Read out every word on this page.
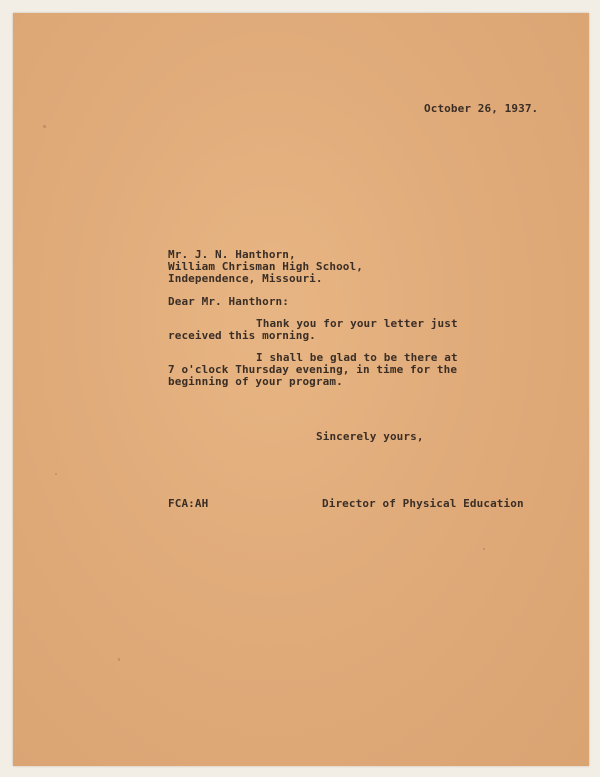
October 26, 1937.

Mr. J. N. Hanthorn,

William Chrisman High School,

Independence, Missouri.

Dear Mr. Hanthorn:

Thank you for your letter just

received this morning.

I shall be glad to be there at

7 o'clock Thursday evening, in time for the

beginning of your program.

Sincerely yours,

FCA:AH	Director of Physical Education
